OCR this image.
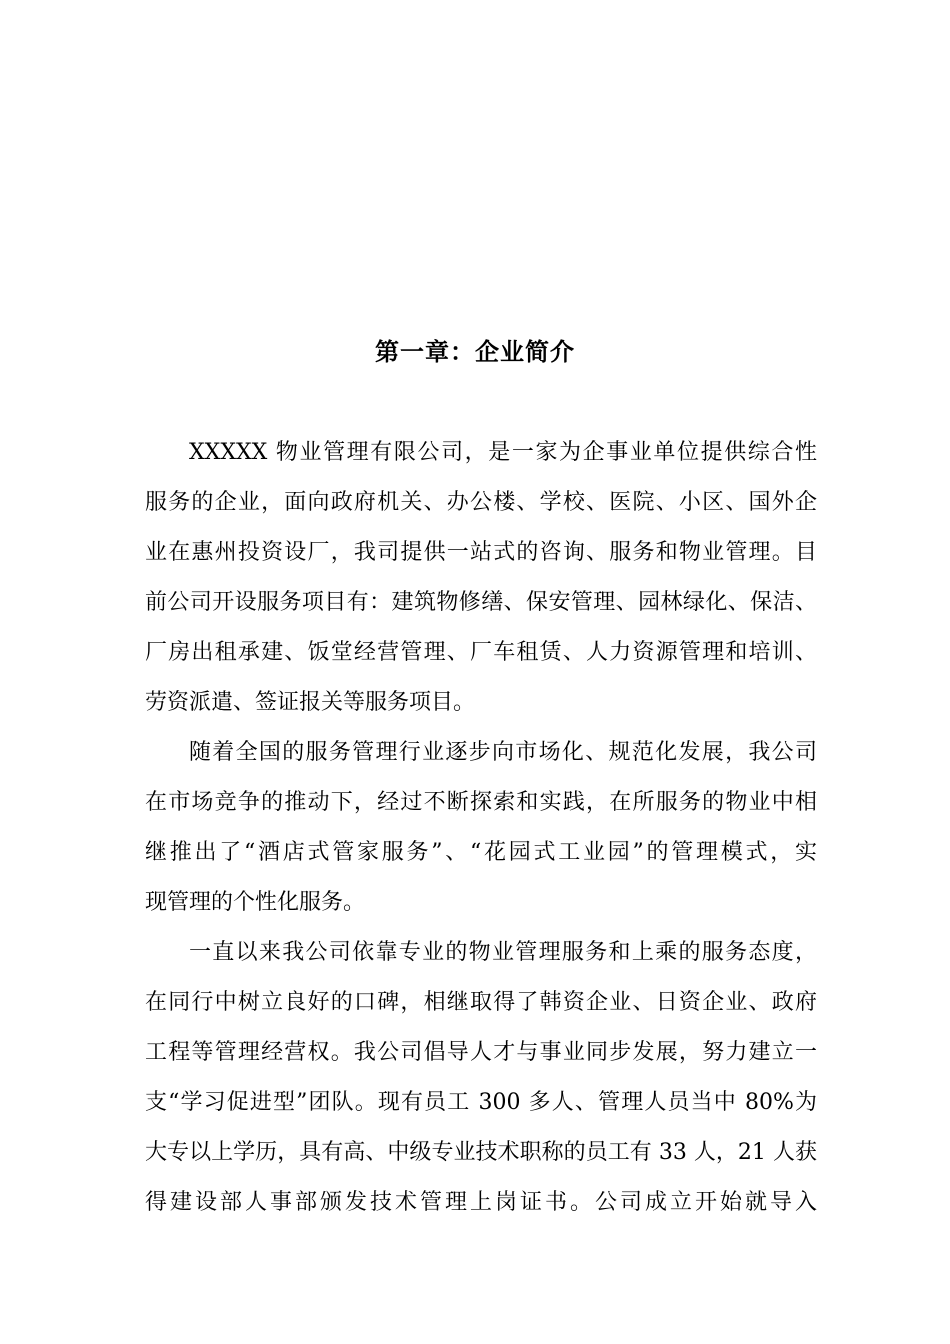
第一章：企业简介
XXXXX 物业管理有限公司，是一家为企事业单位提供综合性
服务的企业，面向政府机关、办公楼、学校、医院、小区、国外企
业在惠州投资设厂，我司提供一站式的咨询、服务和物业管理。目
前公司开设服务项目有：建筑物修缮、保安管理、园林绿化、保洁、
厂房出租承建、饭堂经营管理、厂车租赁、人力资源管理和培训、
劳资派遣、签证报关等服务项目。
随着全国的服务管理行业逐步向市场化、规范化发展，我公司
在市场竞争的推动下，经过不断探索和实践，在所服务的物业中相
继推出了“酒店式管家服务”、“花园式工业园”的管理模式，实
现管理的个性化服务。
一直以来我公司依靠专业的物业管理服务和上乘的服务态度，
在同行中树立良好的口碑，相继取得了韩资企业、日资企业、政府
工程等管理经营权。我公司倡导人才与事业同步发展，努力建立一
支“学习促进型”团队。现有员工 300 多人、管理人员当中 80%为
大专以上学历，具有高、中级专业技术职称的员工有 33 人，21 人获
得建设部人事部颁发技术管理上岗证书。公司成立开始就导入
